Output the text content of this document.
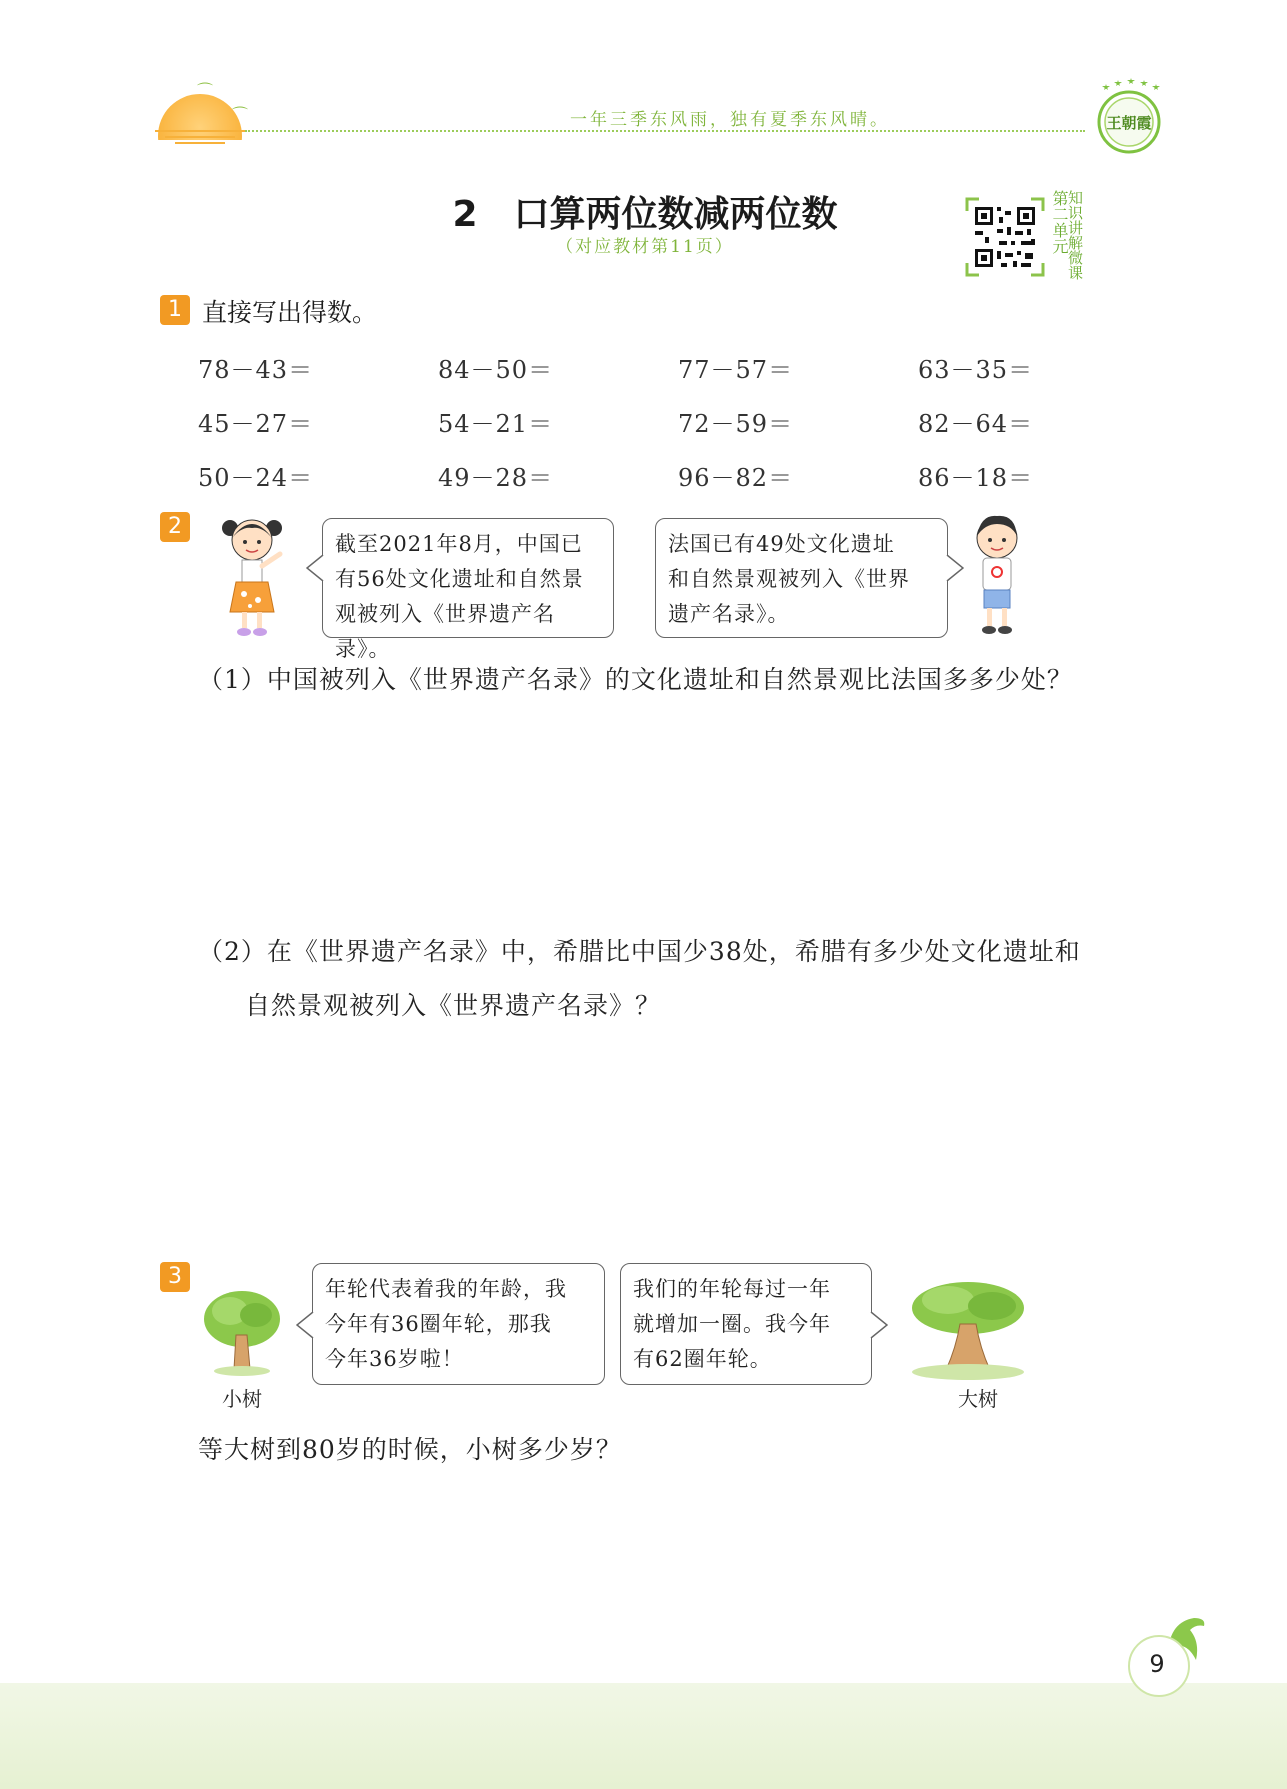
⌒
⌒	一年三季东风雨，独有夏季东风晴。	王朝霞
2 口算两位数减两位数
（对应教材第11页）	第二单元
知识讲解微课
1 直接写出得数。
78－43＝	84－50＝	77－57＝	63－35＝
45－27＝	54－21＝	72－59＝	82－64＝
50－24＝	49－28＝	96－82＝	86－18＝
2
截至2021年8月，中国已
有56处文化遗址和自然景
观被列入《世界遗产名录》。
法国已有49处文化遗址
和自然景观被列入《世界
遗产名录》。
（1）中国被列入《世界遗产名录》的文化遗址和自然景观比法国多多少处？
（2）在《世界遗产名录》中，希腊比中国少38处，希腊有多少处文化遗址和
自然景观被列入《世界遗产名录》？
3
小树
年轮代表着我的年龄，我
今年有36圈年轮，那我
今年36岁啦！
我们的年轮每过一年
就增加一圈。我今年
有62圈年轮。
大树
等大树到80岁的时候，小树多少岁？
9
